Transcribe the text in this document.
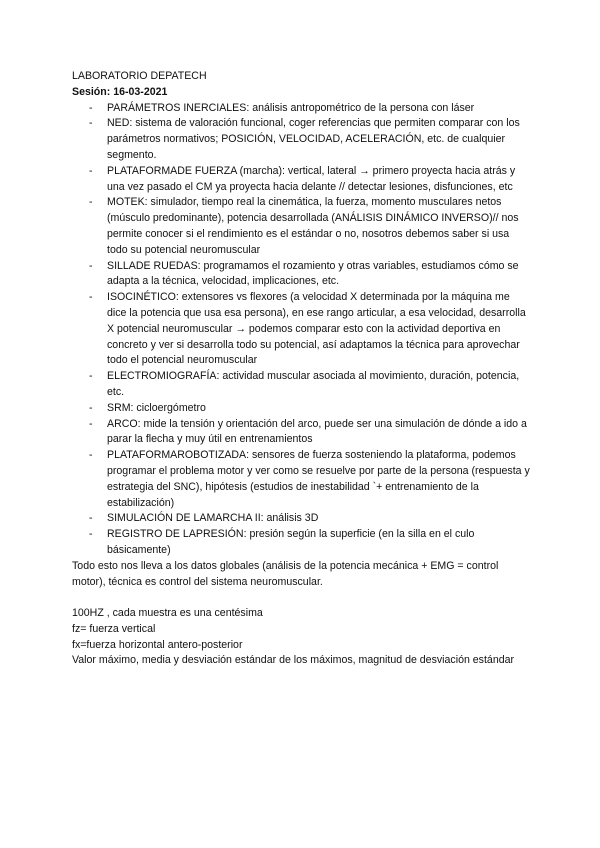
LABORATORIO DEPATECH

Sesión: 16-03-2021

- PARÁMETROS INERCIALES: análisis antropométrico de la persona con láser
- NED: sistema de valoración funcional, coger referencias que permiten comparar con los parámetros normativos; POSICIÓN, VELOCIDAD, ACELERACIÓN, etc. de cualquier segmento.
- PLATAFORMADE FUERZA (marcha): vertical, lateral → primero proyecta hacia atrás y una vez pasado el CM ya proyecta hacia delante // detectar lesiones, disfunciones, etc
- MOTEK: simulador, tiempo real la cinemática, la fuerza, momento musculares netos (músculo predominante), potencia desarrollada (ANÁLISIS DINÁMICO INVERSO)// nos permite conocer si el rendimiento es el estándar o no, nosotros debemos saber si usa todo su potencial neuromuscular
- SILLADE RUEDAS: programamos el rozamiento y otras variables, estudiamos cómo se adapta a la técnica, velocidad, implicaciones, etc.
- ISOCINÉTICO: extensores vs flexores (a velocidad X determinada por la máquina me dice la potencia que usa esa persona), en ese rango articular, a esa velocidad, desarrolla X potencial neuromuscular → podemos comparar esto con la actividad deportiva en concreto y ver si desarrolla todo su potencial, así adaptamos la técnica para aprovechar todo el potencial neuromuscular
- ELECTROMIOGRAFÍA: actividad muscular asociada al movimiento, duración, potencia, etc.
- SRM: cicloergómetro
- ARCO: mide la tensión y orientación del arco, puede ser una simulación de dónde a ido a parar la flecha y muy útil en entrenamientos
- PLATAFORMAROBOTIZADA: sensores de fuerza sosteniendo la plataforma, podemos programar el problema motor y ver como se resuelve por parte de la persona (respuesta y estrategia del SNC), hipótesis (estudios de inestabilidad `+ entrenamiento de la estabilización)
- SIMULACIÓN DE LAMARCHA II: análisis 3D
- REGISTRO DE LAPRESIÓN: presión según la superficie (en la silla en el culo básicamente)

Todo esto nos lleva a los datos globales (análisis de la potencia mecánica + EMG = control motor), técnica es control del sistema neuromuscular.

100HZ , cada muestra es una centésima

fz= fuerza vertical

fx=fuerza horizontal antero-posterior

Valor máximo, media y desviación estándar de los máximos, magnitud de desviación estándar
